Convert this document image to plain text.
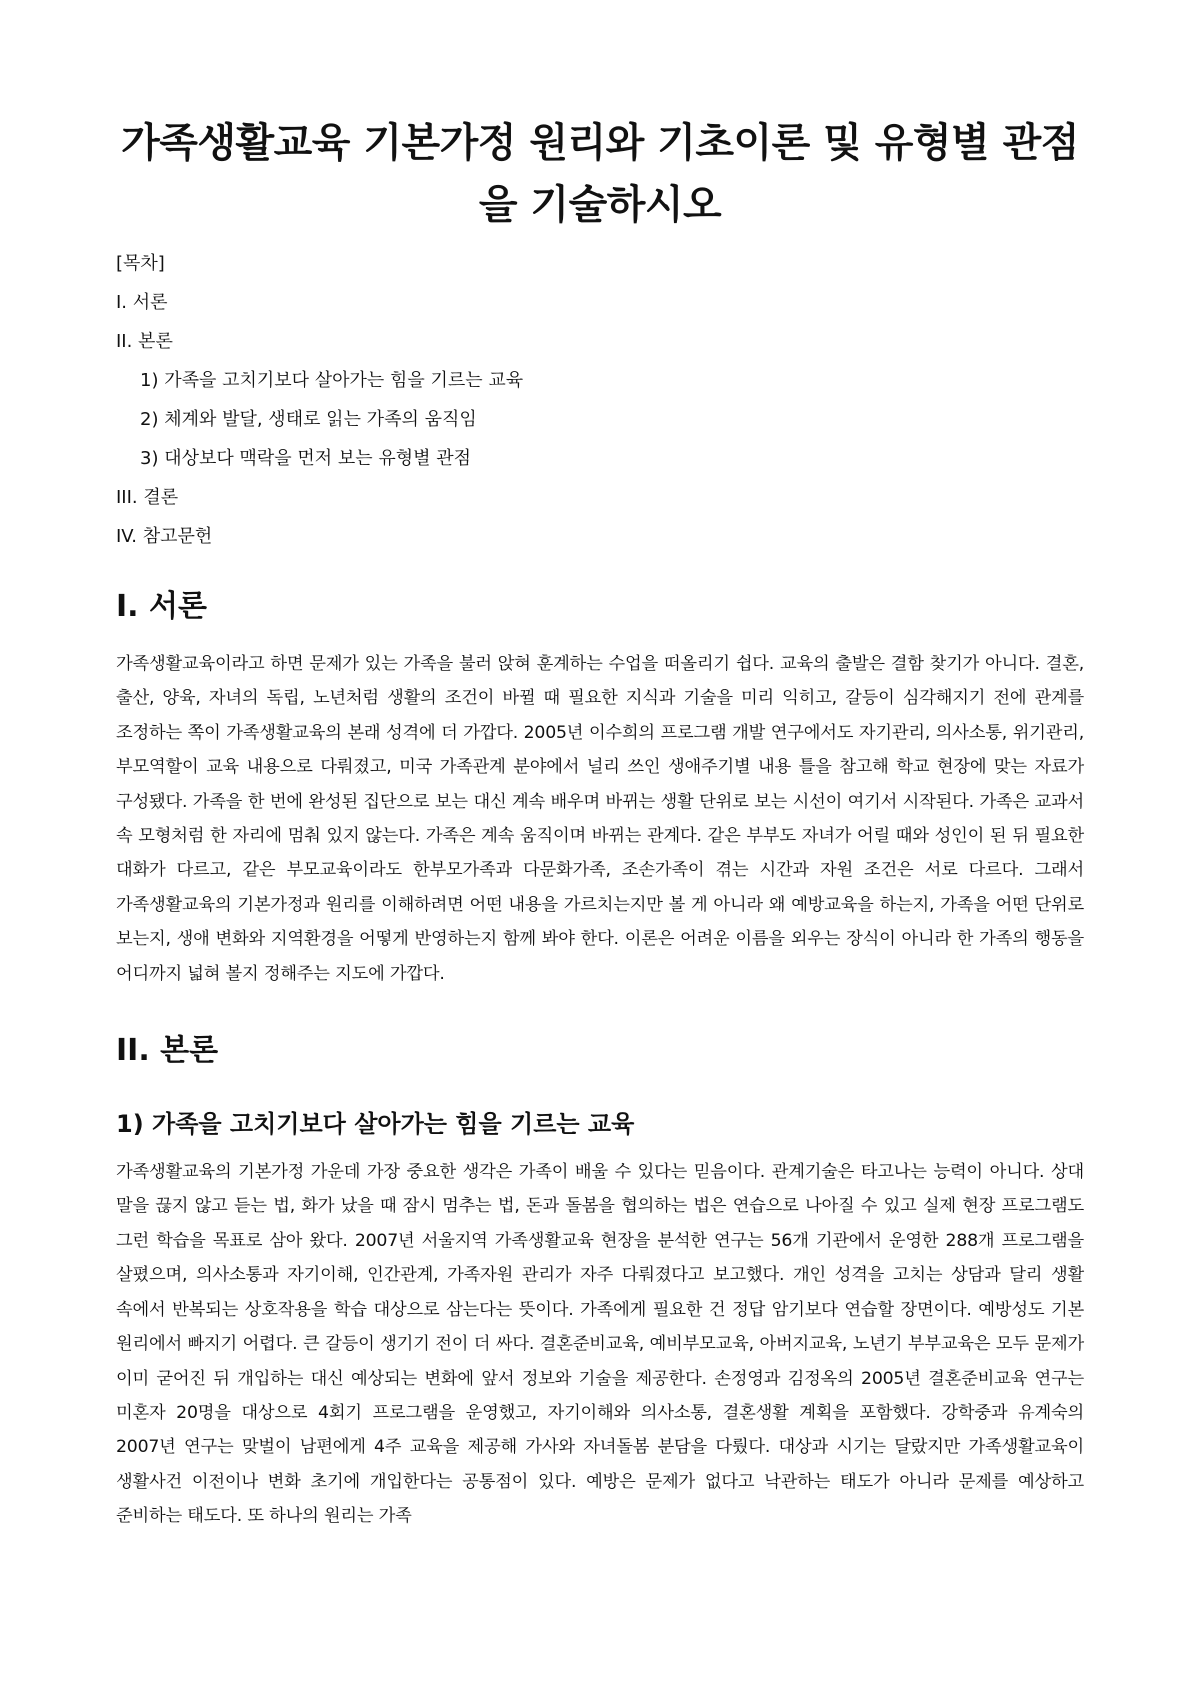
가족생활교육 기본가정 원리와 기초이론 및 유형별 관점을 기술하시오
[목차]
I. 서론
II. 본론
1) 가족을 고치기보다 살아가는 힘을 기르는 교육
2) 체계와 발달, 생태로 읽는 가족의 움직임
3) 대상보다 맥락을 먼저 보는 유형별 관점
III. 결론
IV. 참고문헌
I. 서론

가족생활교육이라고 하면 문제가 있는 가족을 불러 앉혀 훈계하는 수업을 떠올리기 쉽다. 교육의 출발은 결함 찾기가 아니다. 결혼, 출산, 양육, 자녀의 독립, 노년처럼 생활의 조건이 바뀔 때 필요한 지식과 기술을 미리 익히고, 갈등이 심각해지기 전에 관계를 조정하는 쪽이 가족생활교육의 본래 성격에 더 가깝다. 2005년 이수희의 프로그램 개발 연구에서도 자기관리, 의사소통, 위기관리, 부모역할이 교육 내용으로 다뤄졌고, 미국 가족관계 분야에서 널리 쓰인 생애주기별 내용 틀을 참고해 학교 현장에 맞는 자료가 구성됐다. 가족을 한 번에 완성된 집단으로 보는 대신 계속 배우며 바뀌는 생활 단위로 보는 시선이 여기서 시작된다. 가족은 교과서 속 모형처럼 한 자리에 멈춰 있지 않는다. 가족은 계속 움직이며 바뀌는 관계다. 같은 부부도 자녀가 어릴 때와 성인이 된 뒤 필요한 대화가 다르고, 같은 부모교육이라도 한부모가족과 다문화가족, 조손가족이 겪는 시간과 자원 조건은 서로 다르다. 그래서 가족생활교육의 기본가정과 원리를 이해하려면 어떤 내용을 가르치는지만 볼 게 아니라 왜 예방교육을 하는지, 가족을 어떤 단위로 보는지, 생애 변화와 지역환경을 어떻게 반영하는지 함께 봐야 한다. 이론은 어려운 이름을 외우는 장식이 아니라 한 가족의 행동을 어디까지 넓혀 볼지 정해주는 지도에 가깝다.

II. 본론
1) 가족을 고치기보다 살아가는 힘을 기르는 교육

가족생활교육의 기본가정 가운데 가장 중요한 생각은 가족이 배울 수 있다는 믿음이다. 관계기술은 타고나는 능력이 아니다. 상대 말을 끊지 않고 듣는 법, 화가 났을 때 잠시 멈추는 법, 돈과 돌봄을 협의하는 법은 연습으로 나아질 수 있고 실제 현장 프로그램도 그런 학습을 목표로 삼아 왔다. 2007년 서울지역 가족생활교육 현장을 분석한 연구는 56개 기관에서 운영한 288개 프로그램을 살폈으며, 의사소통과 자기이해, 인간관계, 가족자원 관리가 자주 다뤄졌다고 보고했다. 개인 성격을 고치는 상담과 달리 생활 속에서 반복되는 상호작용을 학습 대상으로 삼는다는 뜻이다. 가족에게 필요한 건 정답 암기보다 연습할 장면이다. 예방성도 기본 원리에서 빠지기 어렵다. 큰 갈등이 생기기 전이 더 싸다. 결혼준비교육, 예비부모교육, 아버지교육, 노년기 부부교육은 모두 문제가 이미 굳어진 뒤 개입하는 대신 예상되는 변화에 앞서 정보와 기술을 제공한다. 손정영과 김정옥의 2005년 결혼준비교육 연구는 미혼자 20명을 대상으로 4회기 프로그램을 운영했고, 자기이해와 의사소통, 결혼생활 계획을 포함했다. 강학중과 유계숙의 2007년 연구는 맞벌이 남편에게 4주 교육을 제공해 가사와 자녀돌봄 분담을 다뤘다. 대상과 시기는 달랐지만 가족생활교육이 생활사건 이전이나 변화 초기에 개입한다는 공통점이 있다. 예방은 문제가 없다고 낙관하는 태도가 아니라 문제를 예상하고 준비하는 태도다. 또 하나의 원리는 가족
